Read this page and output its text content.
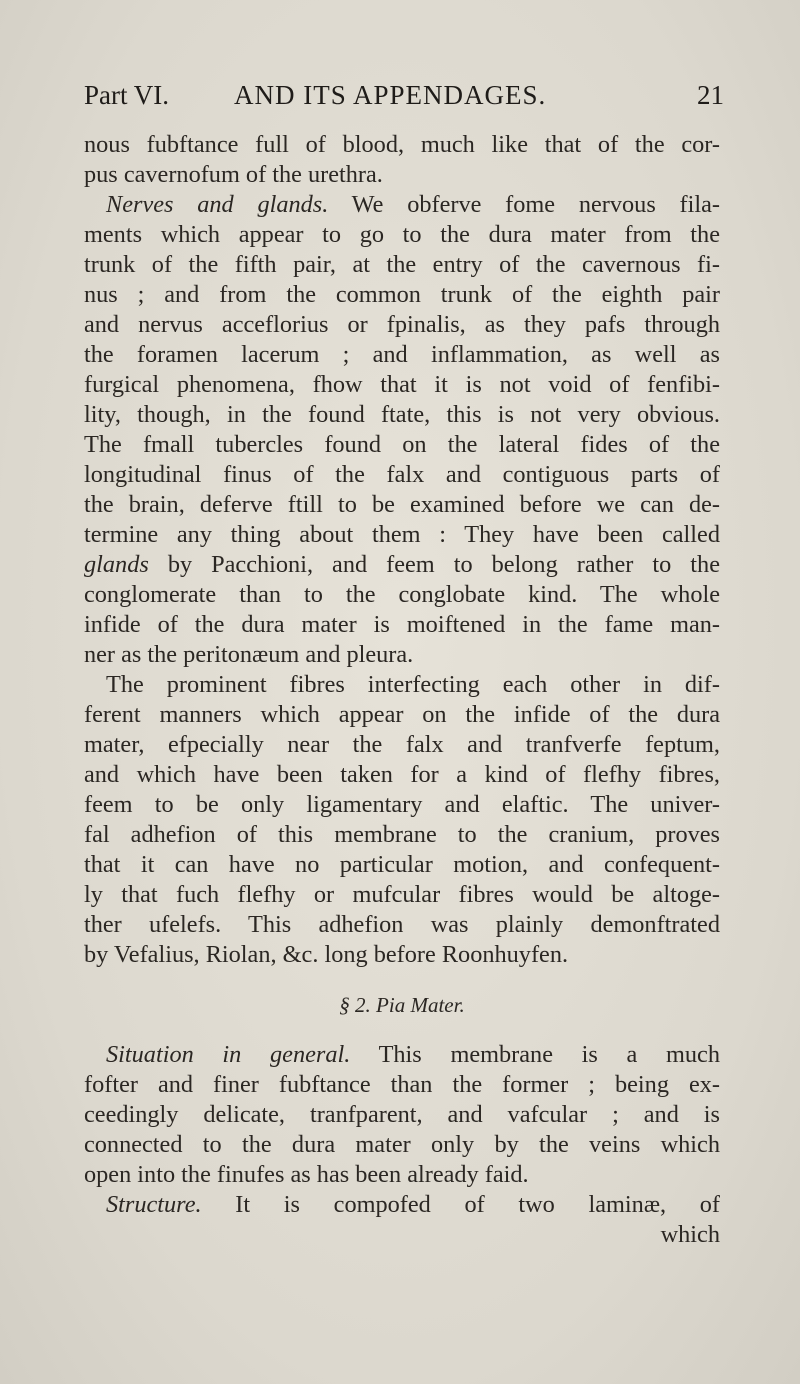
Part VI. AND ITS APPENDAGES.	21
nous fubftance full of blood, much like that of the cor-
pus cavernofum of the urethra.
Nerves and glands. We obferve fome nervous fila-
ments which appear to go to the dura mater from the
trunk of the fifth pair, at the entry of the cavernous fi-
nus ; and from the common trunk of the eighth pair
and nervus acceflorius or fpinalis, as they pafs through
the foramen lacerum ; and inflammation, as well as
furgical phenomena, fhow that it is not void of fenfibi-
lity, though, in the found ftate, this is not very obvious.
The fmall tubercles found on the lateral fides of the
longitudinal finus of the falx and contiguous parts of
the brain, deferve ftill to be examined before we can de-
termine any thing about them : They have been called
glands by Pacchioni, and feem to belong rather to the
conglomerate than to the conglobate kind. The whole
infide of the dura mater is moiftened in the fame man-
ner as the peritonæum and pleura.
The prominent fibres interfecting each other in dif-
ferent manners which appear on the infide of the dura
mater, efpecially near the falx and tranfverfe feptum,
and which have been taken for a kind of flefhy fibres,
feem to be only ligamentary and elaftic. The univer-
fal adhefion of this membrane to the cranium, proves
that it can have no particular motion, and confequent-
ly that fuch flefhy or mufcular fibres would be altoge-
ther ufelefs. This adhefion was plainly demonftrated
by Vefalius, Riolan, &c. long before Roonhuyfen.
§ 2. Pia Mater.
Situation in general. This membrane is a much
fofter and finer fubftance than the former ; being ex-
ceedingly delicate, tranfparent, and vafcular ; and is
connected to the dura mater only by the veins which
open into the finufes as has been already faid.
Structure. It is compofed of two laminæ, of
which
